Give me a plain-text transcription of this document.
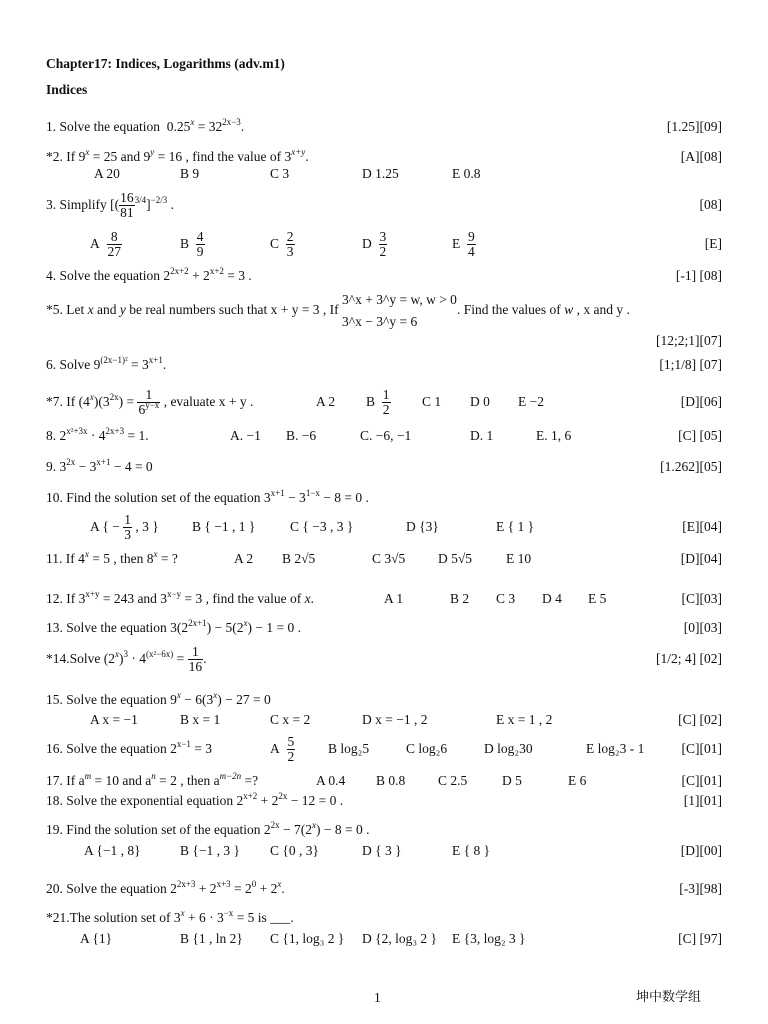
Chapter17: Indices, Logarithms (adv.m1)
Indices
1. Solve the equation $0.25^x = 32^{2x-3}$.	[1.25][09]
*2. If $9^x = 25$ and $9^y = 16$ , find the value of $3^{x+y}$.	[A][08]
A 20	B 9	C 3	D 1.25	E 0.8
3. Simplify [( $\frac{16}{81} ^{3/4}]^{-2/3}$ .	[08]
A $\frac{8}{27}$	B $\frac{4}{9}$	C $\frac{2}{3}$	D $\frac{3}{2}$	E $\frac{9}{4}$	[E]
4. Solve the equation $2^{2x+2} + 2^{x+2} = 3$ .	[-1] [08]
*5. Let x and y be real numbers such that x + y = 3 , If
3^x + 3^y = w, w > 0
3^x − 3^y = 6
. Find the values of w , x and y .
[12;2;1][07]
6. Solve $9^{(2x-1)^2} = 3^{x+1}$.	[1;1/8] [07]
*7. If $(4^x)(3^{2x}) = \frac{1}{6^{y-x}}$ , evaluate x + y .	A 2 B $\frac{1}{2}$ C 1 D 0 E −2	[D][06]
8. $2^{x^2+3x} \cdot 4^{2x+3} = 1$.	A. −1 B. −6	C. −6, −1	D. 1	E. 1, 6	[C] [05]
9. $3^{2x} - 3^{x+1} - 4 = 0$	[1.262][05]
10. Find the solution set of the equation $3^{x+1} - 3^{1-x} - 8 = 0$ .
A { − $\frac{1}{3}$ , 3 } B { −1 , 1 }	C { −3 , 3 }	D {3}	E { 1 }	[E][04]
11. If $4^x = 5$ , then $8^x$ = ?	A 2 B 2√5	C 3√5 D 5√5	E 10	[D][04]
12. If $3^{x+y} = 243$ and $3^{x-y} = 3$ , find the value of x.	A 1	B 2 C 3 D 4 E 5	[C][03]
13. Solve the equation $3(2^{2x+1}) - 5(2^x) - 1 = 0$ .	[0][03]
*14.Solve $(2^x)^3 \cdot 4^{(x^2-6x)} = \frac{1}{16}$ .	[1/2; 4] [02]
15. Solve the equation $9^x - 6(3^x) - 27 = 0$
A x = −1	B x = 1	C x = 2	D x = −1 , 2	E x = 1 , 2	[C] [02]
16. Solve the equation $2^{x-1} = 3$	A $\frac{5}{2}$ B log₂5	C log₂6	D log₂30	E log₂3 - 1	[C][01]
17. If $a^m = 10$ and $a^n = 2$ , then $a^{m-2n}$ =?	A 0.4 B 0.8 C 2.5	D 5	E 6	[C][01]
18. Solve the exponential equation $2^{x+2} + 2^{2x} - 12 = 0$ .	[1][01]
19. Find the solution set of the equation $2^{2x} - 7(2^x) - 8 = 0$ .
A {−1 , 8}	B {−1 , 3 } C {0 , 3}	D { 3 }	E { 8 }	[D][00]
20. Solve the equation $2^{2x+3} + 2^{x+3} = 2^0 + 2^x$.	[-3][98]
*21.The solution set of $3^x + 6 \cdot 3^{-x} = 5$ is ___.
A {1}	B {1 , ln 2} C {1, log₃ 2 } D {2, log₃ 2 } E {3, log₂ 3 }	[C] [97]
1	坤中数学组
